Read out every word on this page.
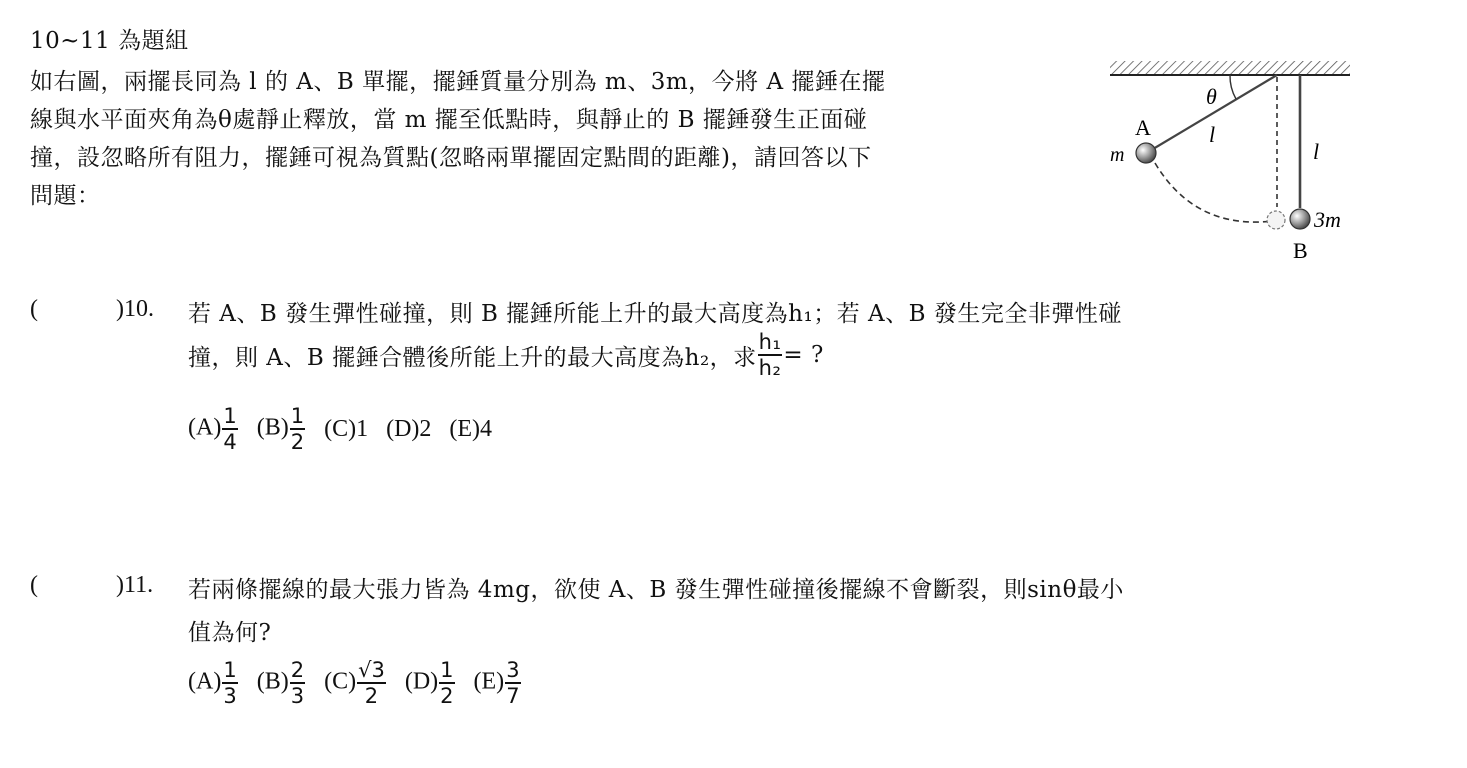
10~11 為題組
如右圖，兩擺長同為 l 的 A、B 單擺，擺錘質量分別為 m、3m，今將 A 擺錘在擺
線與水平面夾角為θ處靜止釋放，當 m 擺至低點時，與靜止的 B 擺錘發生正面碰
撞，設忽略所有阻力，擺錘可視為質點(忽略兩單擺固定點間的距離)，請回答以下
問題：
θ
A	l
m	l
3m
B
(	)10. 若 A、B 發生彈性碰撞，則 B 擺錘所能上升的最大高度為h₁；若 A、B 發生完全非彈性碰
撞，則 A、B 擺錘合體後所能上升的最大高度為h₂，求 $\frac{\text{h₁}}{\text{h₂}}$ = ?
$(A) \frac{1}{4} (B) \frac{1}{2} (C)1$ (D)2 (E)4
(	)11. 若兩條擺線的最大張力皆為 4mg，欲使 A、B 發生彈性碰撞後擺線不會斷裂，則sinθ最小
值為何?
$(A) \frac{1}{3} (B) \frac{2}{3} (C) \frac{√3}{2} (D) \frac{1}{2} (E) \frac{3}{7}$
